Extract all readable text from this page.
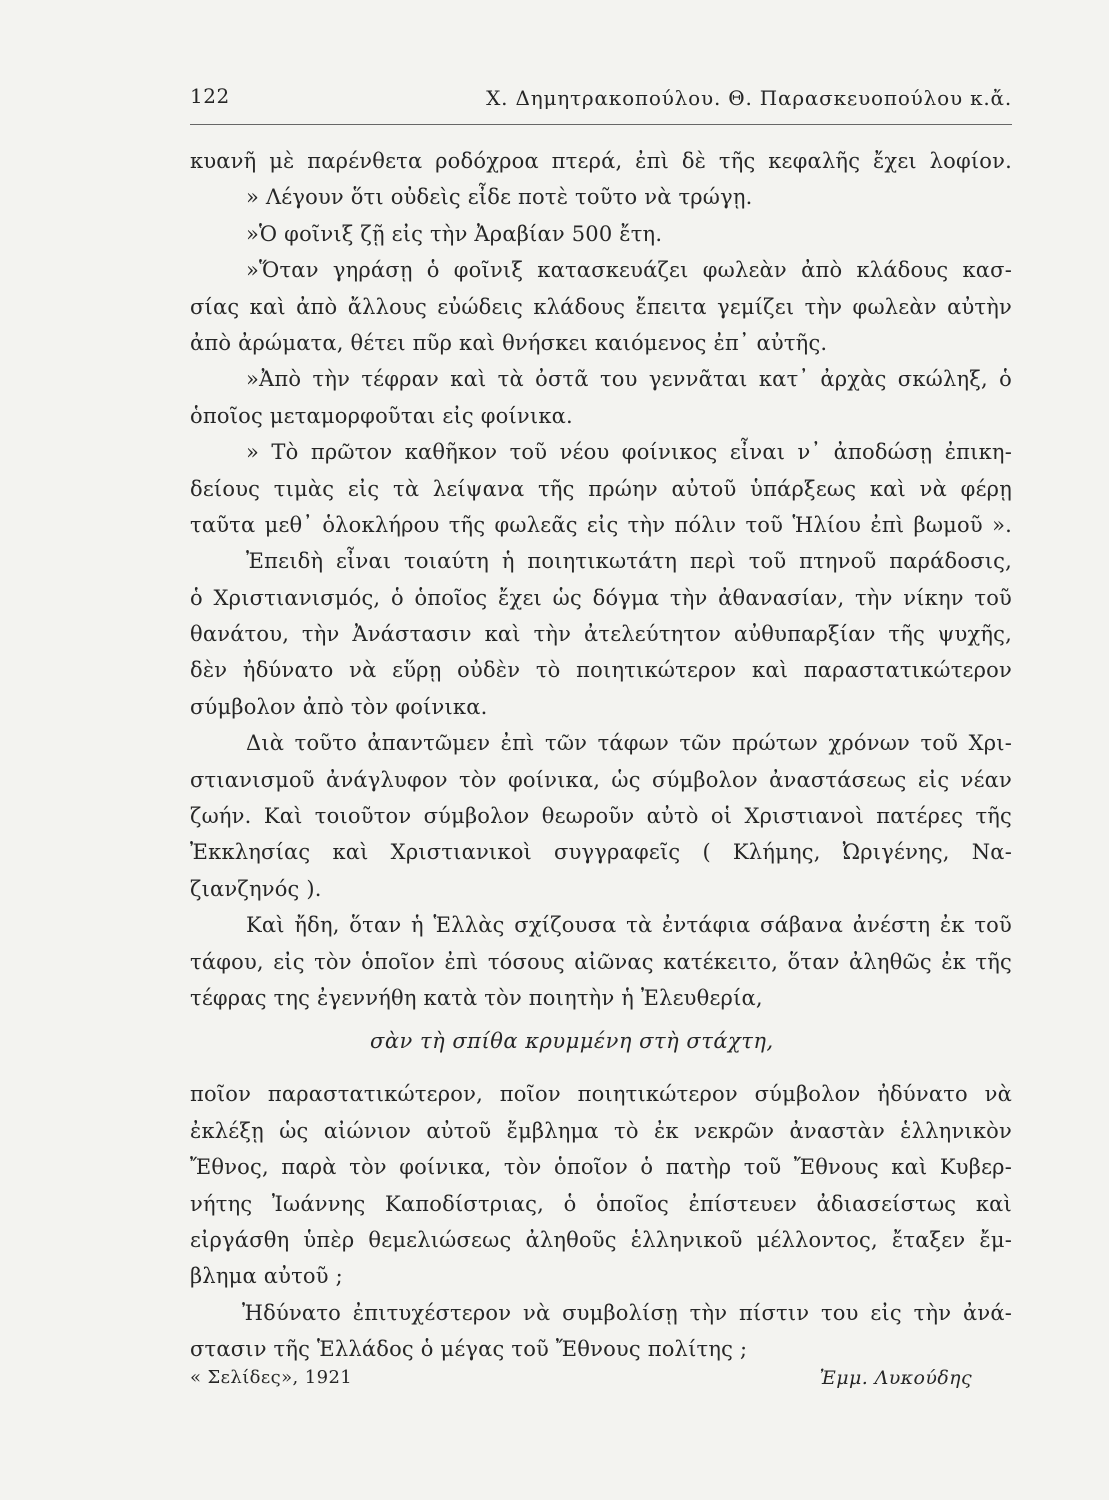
122	Χ. Δημητρακοπούλου. Θ. Παρασκευοπούλου κ.ἄ.
κυανῆ μὲ παρένθετα ροδόχροα πτερά, ἐπὶ δὲ τῆς κεφαλῆς ἔχει λοφίον.
» Λέγουν ὅτι οὐδεὶς εἶδε ποτὲ τοῦτο νὰ τρώγῃ.
»Ὁ φοῖνιξ ζῇ εἰς τὴν Ἀραβίαν 500 ἔτη.
»Ὅταν γηράσῃ ὁ φοῖνιξ κατασκευάζει φωλεὰν ἀπὸ κλάδους κασ-
σίας καὶ ἀπὸ ἄλλους εὐώδεις κλάδους ἔπειτα γεμίζει τὴν φωλεὰν αὐτὴν
ἀπὸ ἀρώματα, θέτει πῦρ καὶ θνήσκει καιόμενος ἐπ᾽ αὐτῆς.
»Ἀπὸ τὴν τέφραν καὶ τὰ ὀστᾶ του γεννᾶται κατ᾽ ἀρχὰς σκώληξ, ὁ
ὁποῖος μεταμορφοῦται εἰς φοίνικα.
» Τὸ πρῶτον καθῆκον τοῦ νέου φοίνικος εἶναι ν᾽ ἀποδώσῃ ἐπικη-
δείους τιμὰς εἰς τὰ λείψανα τῆς πρώην αὐτοῦ ὑπάρξεως καὶ νὰ φέρῃ
ταῦτα μεθ᾽ ὁλοκλήρου τῆς φωλεᾶς εἰς τὴν πόλιν τοῦ Ἡλίου ἐπὶ βωμοῦ ».
Ἐπειδὴ εἶναι τοιαύτη ἡ ποιητικωτάτη περὶ τοῦ πτηνοῦ παράδοσις,
ὁ Χριστιανισμός, ὁ ὁποῖος ἔχει ὡς δόγμα τὴν ἀθανασίαν, τὴν νίκην τοῦ
θανάτου, τὴν Ἀνάστασιν καὶ τὴν ἀτελεύτητον αὐθυπαρξίαν τῆς ψυχῆς,
δὲν ἠδύνατο νὰ εὕρῃ οὐδὲν τὸ ποιητικώτερον καὶ παραστατικώτερον
σύμβολον ἀπὸ τὸν φοίνικα.
Διὰ τοῦτο ἀπαντῶμεν ἐπὶ τῶν τάφων τῶν πρώτων χρόνων τοῦ Χρι-
στιανισμοῦ ἀνάγλυφον τὸν φοίνικα, ὡς σύμβολον ἀναστάσεως εἰς νέαν
ζωήν. Καὶ τοιοῦτον σύμβολον θεωροῦν αὐτὸ οἱ Χριστιανοὶ πατέρες τῆς
Ἐκκλησίας καὶ Χριστιανικοὶ συγγραφεῖς ( Κλήμης, Ὠριγένης, Να-
ζιανζηνός ).
Καὶ ἤδη, ὅταν ἡ Ἑλλὰς σχίζουσα τὰ ἐντάφια σάβανα ἀνέστη ἐκ τοῦ
τάφου, εἰς τὸν ὁποῖον ἐπὶ τόσους αἰῶνας κατέκειτο, ὅταν ἀληθῶς ἐκ τῆς
τέφρας της ἐγεννήθη κατὰ τὸν ποιητὴν ἡ Ἐλευθερία,
σὰν τὴ σπίθα κρυμμένη στὴ στάχτη,
ποῖον παραστατικώτερον, ποῖον ποιητικώτερον σύμβολον ἠδύνατο νὰ
ἐκλέξῃ ὡς αἰώνιον αὐτοῦ ἔμβλημα τὸ ἐκ νεκρῶν ἀναστὰν ἑλληνικὸν
Ἔθνος, παρὰ τὸν φοίνικα, τὸν ὁποῖον ὁ πατὴρ τοῦ Ἔθνους καὶ Κυβερ-
νήτης Ἰωάννης Καποδίστριας, ὁ ὁποῖος ἐπίστευεν ἀδιασείστως καὶ
εἰργάσθη ὑπὲρ θεμελιώσεως ἀληθοῦς ἑλληνικοῦ μέλλοντος, ἔταξεν ἔμ-
βλημα αὐτοῦ ;
Ἠδύνατο ἐπιτυχέστερον νὰ συμβολίσῃ τὴν πίστιν του εἰς τὴν ἀνά-
στασιν τῆς Ἑλλάδος ὁ μέγας τοῦ Ἔθνους πολίτης ;
« Σελίδες», 1921	Ἐμμ. Λυκούδης
